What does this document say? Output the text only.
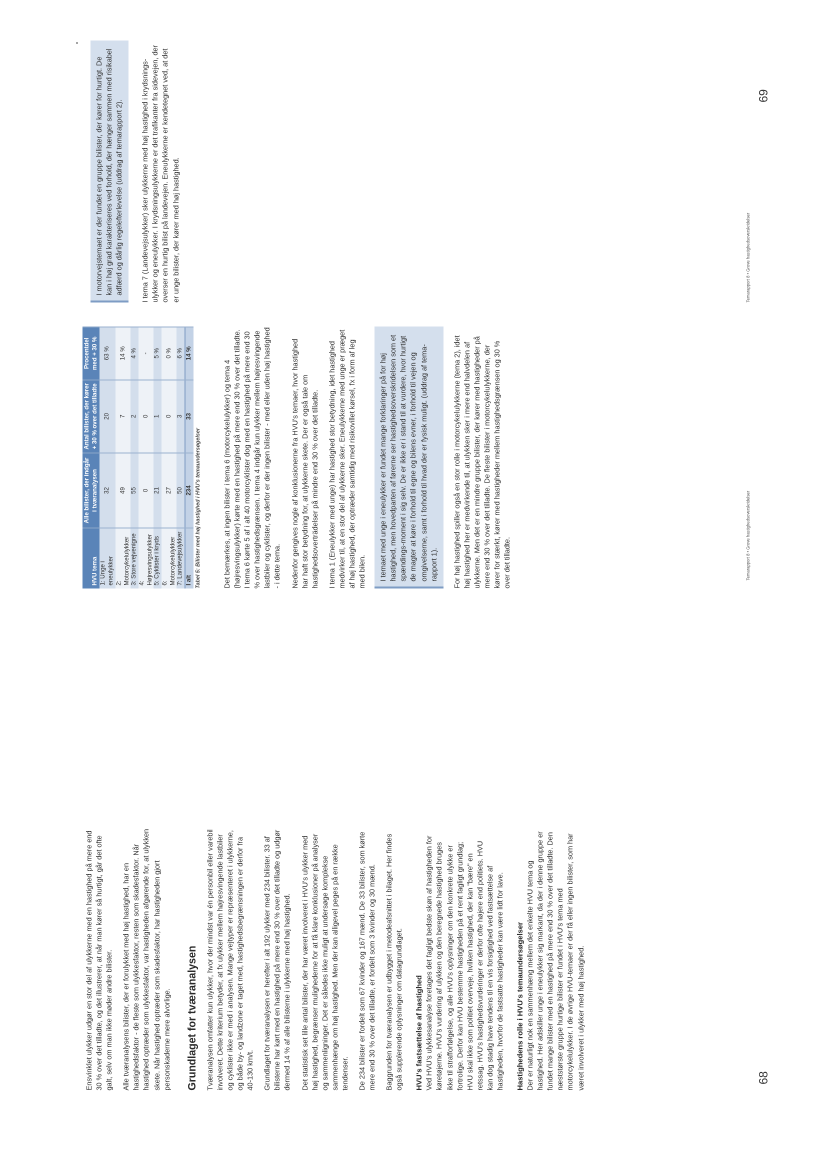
Ensvinklet ulykker udgør en stor del af ulykkerne med en hastighed på mere end 30 % over det tilladte, og det illustrerer, at når man kører så hurtigt, går det ofte galt, selv om man ikke møder andre bilister. Alle tværanalysens bilister, der er forulykket med høj hastighed, har en hastighedsfaktor - de fleste som ulykkesfaktor, resten som skadesfaktor. Når hastighed optræder som ulykkesfaktor, var hastigheden afgørende for, at ulykken skete. Når hastighed optræder som skadesfaktor, har hastigheden gjort personskaderne mere alvorlige. Grundlaget for tværanalysen Tværanalysen omfatter kun ulykker, hvor der mindst var én personbil eller varebil involveret. Dette kriterium betyder, at fx ulykker mellem højresvingende lastbiler og cyklister ikke er med i analysen. Mange vejtyper er repræsenteret i ulykkerne, og både by- og landzone er taget med, hastighedsbegrænsningen er derfor fra 40-130 km/t. Grundlaget for tværanalysen er herefter i alt 192 ulykker med 234 bilister. 33 af bilisterne har kørt med en hastighed på mere end 30 % over det tilladte og udgør dermed 14 % af alle bilisterne i ulykkerne med høj hastighed. Det statistisk set lille antal bilister, der har været involveret i HVU's ulykker med høj hastighed, begrænser mulighederne for at få klare konklusioner på analyser og sammenligninger. Det er således ikke muligt at undersøge komplekse sammenhænge om høj hastighed. Men der kan alligevel peges på en række tendenser. De 234 bilister er fordelt som 67 kvinder og 167 mænd. De 33 bilister, som kørte mere end 30 % over det tilladte, er fordelt som 3 kvinder og 30 mænd. Baggrunden for tværanalysen er udbygget i metodeafsnittet i bilaget. Her findes også supplerende oplysninger om datagrundlaget. HVU's fastsættelse af hastighed Ved HVU's ulykkesanalyse foretages det fagligt bedste skøn af hastigheden for køretøjerne. HVU's vurdering af ulykken og den beregnede hastighed bruges ikke til strafforfølgelse, og alle HVU's oplysninger om den konkrete ulykke er fortrolige. Derfor kan HVU bestemme hastigheden på et rent fagligt grundlag; HVU skal ikke som politiet overveje, hvilken hastighed, der kan "bære" en retssag. HVU's hastighedsvurderinger er derfor ofte højere end politiets. HVU kan dog stadig have tendens til en vis forsigtighed ved fastsættelse af hastigheden, hvorfor de fastsatte hastigheder kan være lidt for lave. Hastighedens rolle i HVU's temaundersøgelser Der er naturligt nok en sammenhæng mellem det enkelte HVU tema og hastighed. Her adskiller unge i eneulykker sig markant, da der i denne gruppe er fundet mange bilister med en hastighed på mere end 30 % over det tilladte. Den næststørste gruppe hurtige bilister er fundet i HVU's tema med motorcykelulykker. I de øvrige HVU-temaer er der få eller ingen bilister, som har været involveret i ulykker med høj hastighed.	68
Temarapport 8 • Grove hastighedsoverskridelser
HVU tema	Alle bilister, der indgår i tværanalysen	Antal bilister, der kører + 30 % over det tilladte	Procentdel med + 30 %
1: Unge i eneulykker	32	20	63 %
2: Motorcykelulykker	49	7	14 %
3: Store vejvenigne	55	2	4 %
4: Højresvingsulykker	0	0	-
5: Cyklister i kryds	21	1	5 %
6: Motorcykelulykker	27	0	0 %
7: Landevejsulykker	50	3	6 %
I alt	234	33	14 %

Tabel 5: Bilister med høj hastighed i HVU's temaundersøgelser	Det bemærkes, at ingen bilister i tema 6 (motorcykelulykker) og tema 4 (højresvingsulykker) kørte med en hastighed på mere end 30 % over det tilladte. I tema 6 kørte 5 af i alt 40 motorcyklister dog med en hastighed på mere end 30 % over hastighedsgrænsen. I tema 4 indgår kun ulykker mellem højresvingende lastbiler og cyklister, og derfor er der ingen bilister - med eller uden høj hastighed - i dette tema. Nedenfor gengives nogle af konklusionerne fra HVU's temaer, hvor hastighed har haft stor betydning for, at ulykkerne skete. Der er også tale om hastighedsoverträdelser på mindre end 30 % over det tilladte. I tema 1 (Eneulykker med unge) har hastighed stor betydning, idet hastighed medvirker til, at en stor del af ulykkerne sker. Eneulykkerne med unge er præget af høj hastighed, der optræder samtidig med risikovillet kørsel, fx i form af leg med bilen. I temaet med unge i eneulykker er fundet mange forklaringer på for høj hastighed, men hovedparten af førerne ser hastighedsoverskridelsen som et spændings-moment i sig selv. De er ikke er i stand til at vurdere, hvor hurtigt de magter at køre i forhold til egne og bilens evner, i forhold til vejen og omgivelserne, samt i forhold til hvad der er fysisk muligt. (uddrag af tema-rapport 1). For høj hastighed spiller også en stor rolle i motorcykelulykkerne (tema 2), idet høj hastighed her er medvirkende til, at ulykken sker i mere end halvdelen af ulykkerne. Men det er en mindre gruppe bilister, der kører med hastigheder på mere end 30 % over det tilladte. De fleste bilister i motorcykelulykkerne, der kører for stærkt, kører med hastigheder mellem hastighedsgrænsen og 30 % over det tilladte.

I motorvejstemaet er der fundet en gruppe bilister, der kører for hurtigt. De kan i høj grad karakteriseres ved forhold, der hænger sammen med risikabel adfærd og dårlig regelefterlevelse (uddrag af temarapport 2). I tema 7 (Landevejsulykker) sker ulykkerne med høj hastighed i krydsnings-ulykker og eneulykker. I krydsningsulykkerne er det trafikanter fra sidevejen, der overser en hurtig bilist på landevejen. Eneulykkerne er kendetegnet ved, at det er unge bilister, der kører med høj hastighed.

69
Temarapport 8 • Grove hastighedsoverskridelser
